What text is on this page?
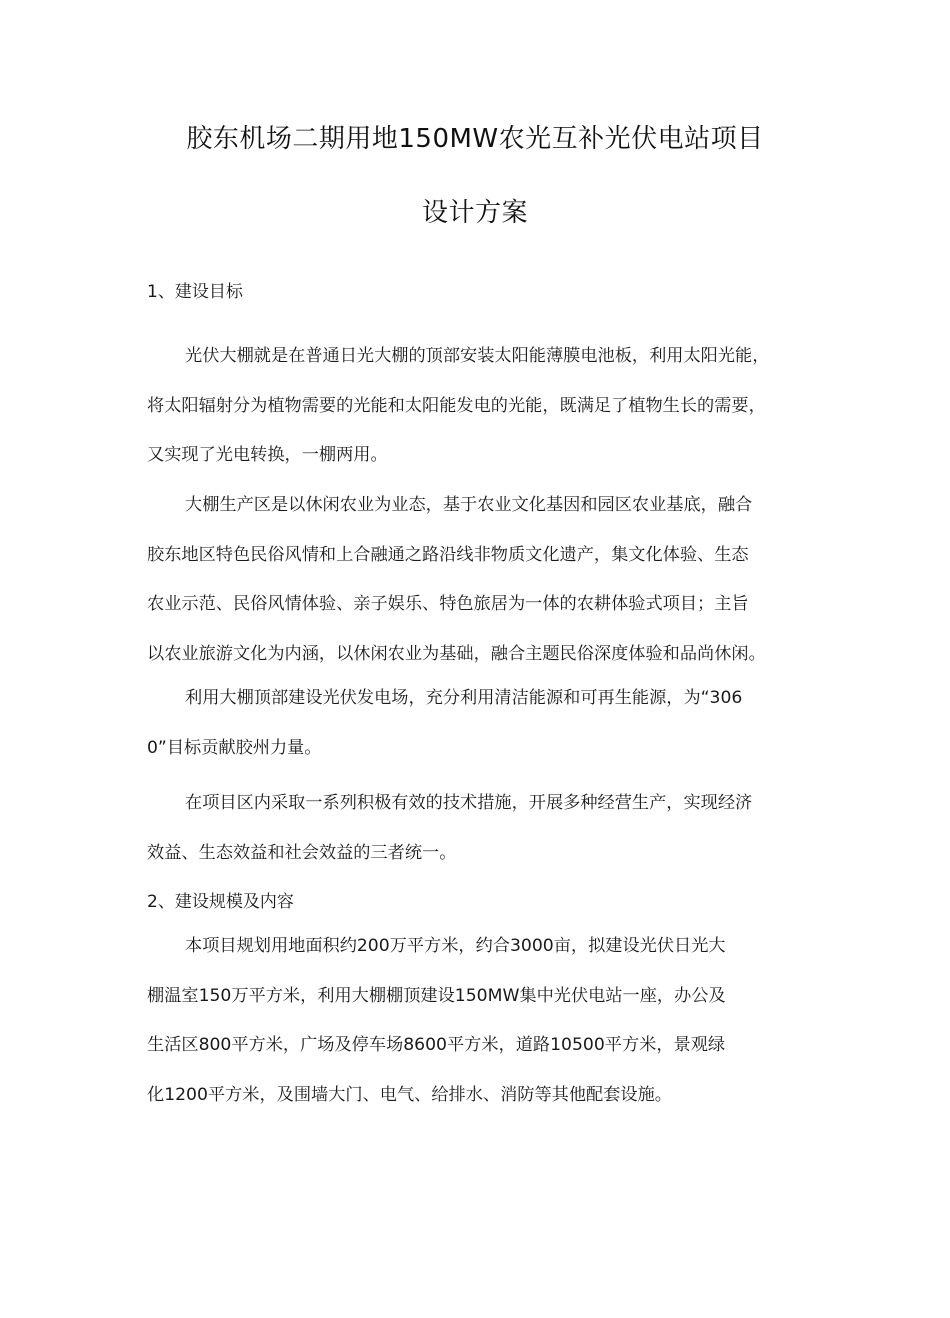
胶东机场二期用地150MW农光互补光伏电站项目
设计方案
1、建设目标
光伏大棚就是在普通日光大棚的顶部安装太阳能薄膜电池板，利用太阳光能，
将太阳辐射分为植物需要的光能和太阳能发电的光能，既满足了植物生长的需要，
又实现了光电转换，一棚两用。
大棚生产区是以休闲农业为业态，基于农业文化基因和园区农业基底，融合
胶东地区特色民俗风情和上合融通之路沿线非物质文化遗产，集文化体验、生态
农业示范、民俗风情体验、亲子娱乐、特色旅居为一体的农耕体验式项目；主旨
以农业旅游文化为内涵，以休闲农业为基础，融合主题民俗深度体验和品尚休闲。
利用大棚顶部建设光伏发电场，充分利用清洁能源和可再生能源，为“306
0”目标贡献胶州力量。
在项目区内采取一系列积极有效的技术措施，开展多种经营生产，实现经济
效益、生态效益和社会效益的三者统一。
2、建设规模及内容
本项目规划用地面积约200万平方米，约合3000亩，拟建设光伏日光大
棚温室150万平方米，利用大棚棚顶建设150MW集中光伏电站一座，办公及
生活区800平方米，广场及停车场8600平方米，道路10500平方米，景观绿
化1200平方米，及围墙大门、电气、给排水、消防等其他配套设施。
